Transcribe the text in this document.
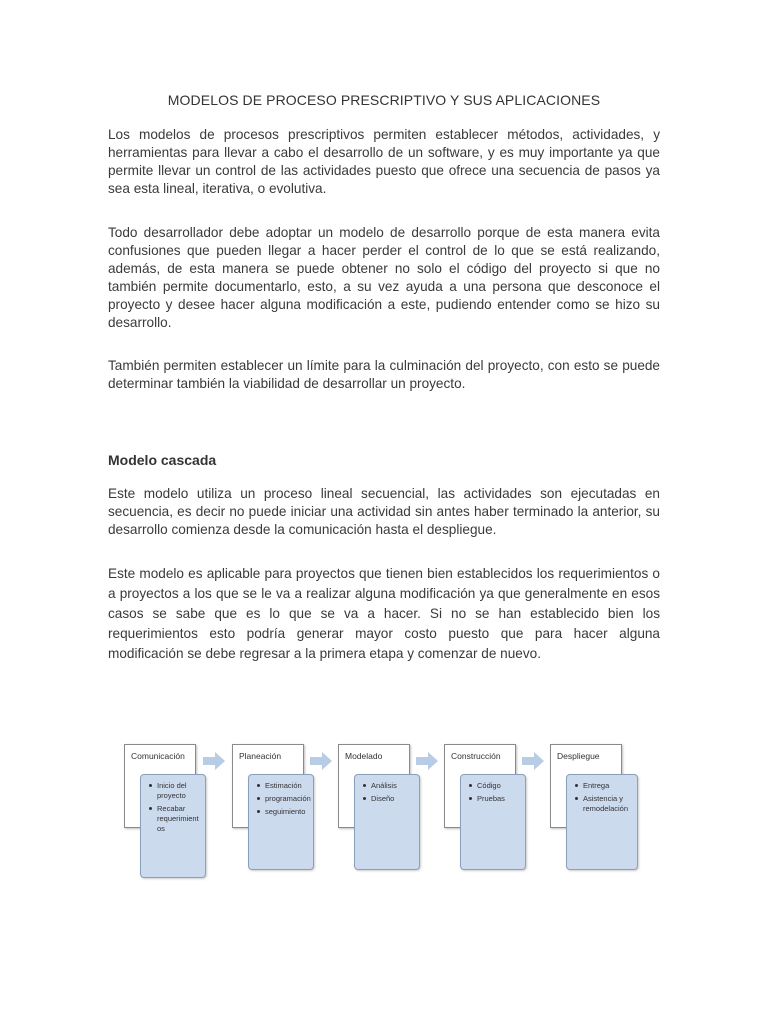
MODELOS DE PROCESO PRESCRIPTIVO Y SUS APLICACIONES

Los modelos de procesos prescriptivos permiten establecer métodos, actividades, y herramientas para llevar a cabo el desarrollo de un software, y es muy importante ya que permite llevar un control de las actividades puesto que ofrece una secuencia de pasos ya sea esta lineal, iterativa, o evolutiva.

Todo desarrollador debe adoptar un modelo de desarrollo porque de esta manera evita confusiones que pueden llegar a hacer perder el control de lo que se está realizando, además, de esta manera se puede obtener no solo el código del proyecto si que no también permite documentarlo, esto, a su vez ayuda a una persona que desconoce el proyecto y desee hacer alguna modificación a este, pudiendo entender como se hizo su desarrollo.

También permiten establecer un límite para la culminación del proyecto, con esto se puede determinar también la viabilidad de desarrollar un proyecto.

Modelo cascada

Este modelo utiliza un proceso lineal secuencial, las actividades son ejecutadas en secuencia, es decir no puede iniciar una actividad sin antes haber terminado la anterior, su desarrollo comienza desde la comunicación hasta el despliegue.

Este modelo es aplicable para proyectos que tienen bien establecidos los requerimientos o a proyectos a los que se le va a realizar alguna modificación ya que generalmente en esos casos se sabe que es lo que se va a hacer. Si no se han establecido bien los requerimientos esto podría generar mayor costo puesto que para hacer alguna modificación se debe regresar a la primera etapa y comenzar de nuevo.

Comunicación
Inicio del proyecto
Recabar requerimient os
Planeación
Estimación
programación
seguimiento
Modelado
Análisis
Diseño
Construcción
Código
Pruebas
Despliegue
Entrega
Asistencia y remodelación
